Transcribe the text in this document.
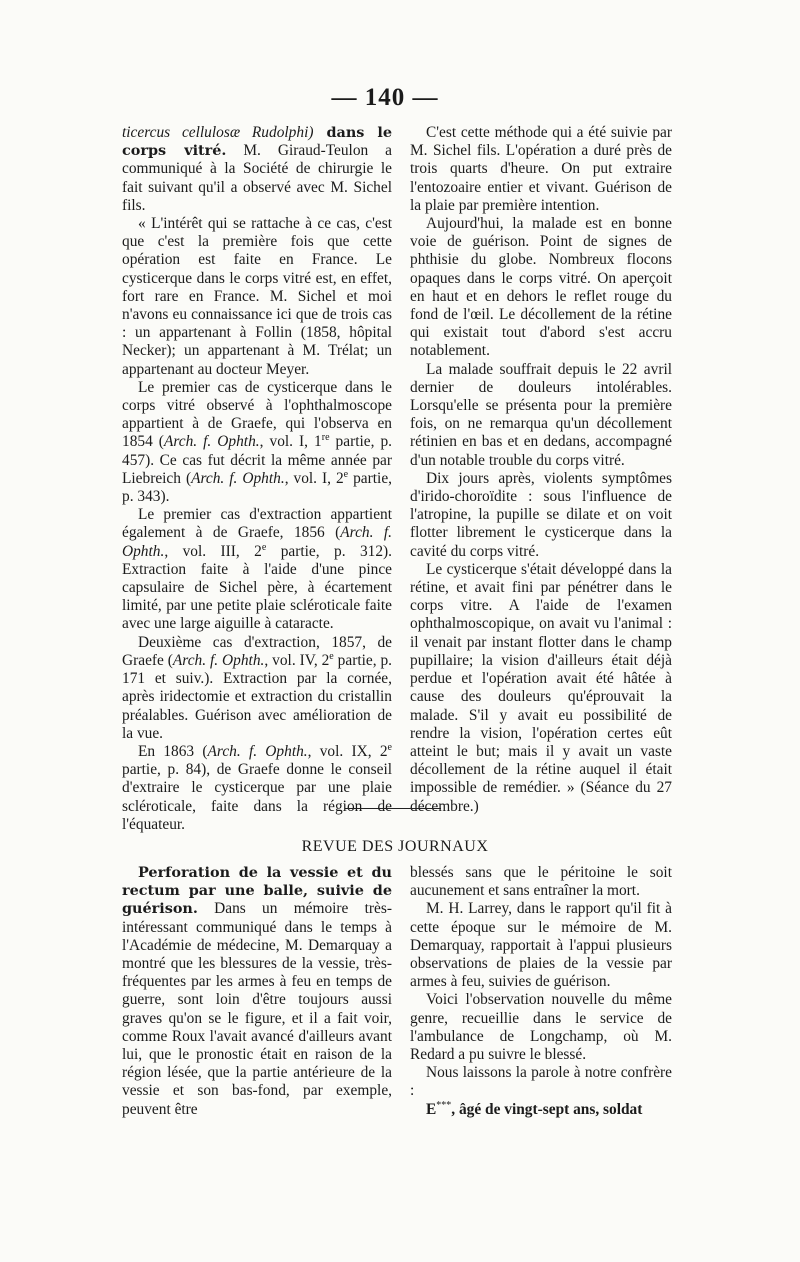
— 140 —

ticercus cellulosæ Rudolphi) dans le corps vitré. M. Giraud-Teulon a communiqué à la Société de chirurgie le fait suivant qu'il a observé avec M. Sichel fils.

« L'intérêt qui se rattache à ce cas, c'est que c'est la première fois que cette opération est faite en France. Le cysticerque dans le corps vitré est, en effet, fort rare en France. M. Sichel et moi n'avons eu connaissance ici que de trois cas : un appartenant à Follin (1858, hôpital Necker); un appartenant à M. Trélat; un appartenant au docteur Meyer.

Le premier cas de cysticerque dans le corps vitré observé à l'ophthalmoscope appartient à de Graefe, qui l'observa en 1854 (Arch. f. Ophth., vol. I, 1re partie, p. 457). Ce cas fut décrit la même année par Liebreich (Arch. f. Ophth., vol. I, 2e partie, p. 343).

Le premier cas d'extraction appartient également à de Graefe, 1856 (Arch. f. Ophth., vol. III, 2e partie, p. 312). Extraction faite à l'aide d'une pince capsulaire de Sichel père, à écartement limité, par une petite plaie scléroticale faite avec une large aiguille à cataracte.

Deuxième cas d'extraction, 1857, de Graefe (Arch. f. Ophth., vol. IV, 2e partie, p. 171 et suiv.). Extraction par la cornée, après iridectomie et extraction du cristallin préalables. Guérison avec amélioration de la vue.

En 1863 (Arch. f. Ophth., vol. IX, 2e partie, p. 84), de Graefe donne le conseil d'extraire le cysticerque par une plaie scléroticale, faite dans la région de l'équateur.

C'est cette méthode qui a été suivie par M. Sichel fils. L'opération a duré près de trois quarts d'heure. On put extraire l'entozoaire entier et vivant. Guérison de la plaie par première intention.

Aujourd'hui, la malade est en bonne voie de guérison. Point de signes de phthisie du globe. Nombreux flocons opaques dans le corps vitré. On aperçoit en haut et en dehors le reflet rouge du fond de l'œil. Le décollement de la rétine qui existait tout d'abord s'est accru notablement.

La malade souffrait depuis le 22 avril dernier de douleurs intolérables. Lorsqu'elle se présenta pour la première fois, on ne remarqua qu'un décollement rétinien en bas et en dedans, accompagné d'un notable trouble du corps vitré.

Dix jours après, violents symptômes d'irido-choroïdite : sous l'influence de l'atropine, la pupille se dilate et on voit flotter librement le cysticerque dans la cavité du corps vitré.

Le cysticerque s'était développé dans la rétine, et avait fini par pénétrer dans le corps vitre. A l'aide de l'examen ophthalmoscopique, on avait vu l'animal : il venait par instant flotter dans le champ pupillaire; la vision d'ailleurs était déjà perdue et l'opération avait été hâtée à cause des douleurs qu'éprouvait la malade. S'il y avait eu possibilité de rendre la vision, l'opération certes eût atteint le but; mais il y avait un vaste décollement de la rétine auquel il était impossible de remédier. » (Séance du 27 décembre.)

REVUE DES JOURNAUX

Perforation de la vessie et du rectum par une balle, suivie de guérison. Dans un mémoire très-intéressant communiqué dans le temps à l'Académie de médecine, M. Demarquay a montré que les blessures de la vessie, très-fréquentes par les armes à feu en temps de guerre, sont loin d'être toujours aussi graves qu'on se le figure, et il a fait voir, comme Roux l'avait avancé d'ailleurs avant lui, que le pronostic était en raison de la région lésée, que la partie antérieure de la vessie et son bas-fond, par exemple, peuvent être

blessés sans que le péritoine le soit aucunement et sans entraîner la mort.

M. H. Larrey, dans le rapport qu'il fit à cette époque sur le mémoire de M. Demarquay, rapportait à l'appui plusieurs observations de plaies de la vessie par armes à feu, suivies de guérison.

Voici l'observation nouvelle du même genre, recueillie dans le service de l'ambulance de Longchamp, où M. Redard a pu suivre le blessé.

Nous laissons la parole à notre confrère :

E***, âgé de vingt-sept ans, soldat
